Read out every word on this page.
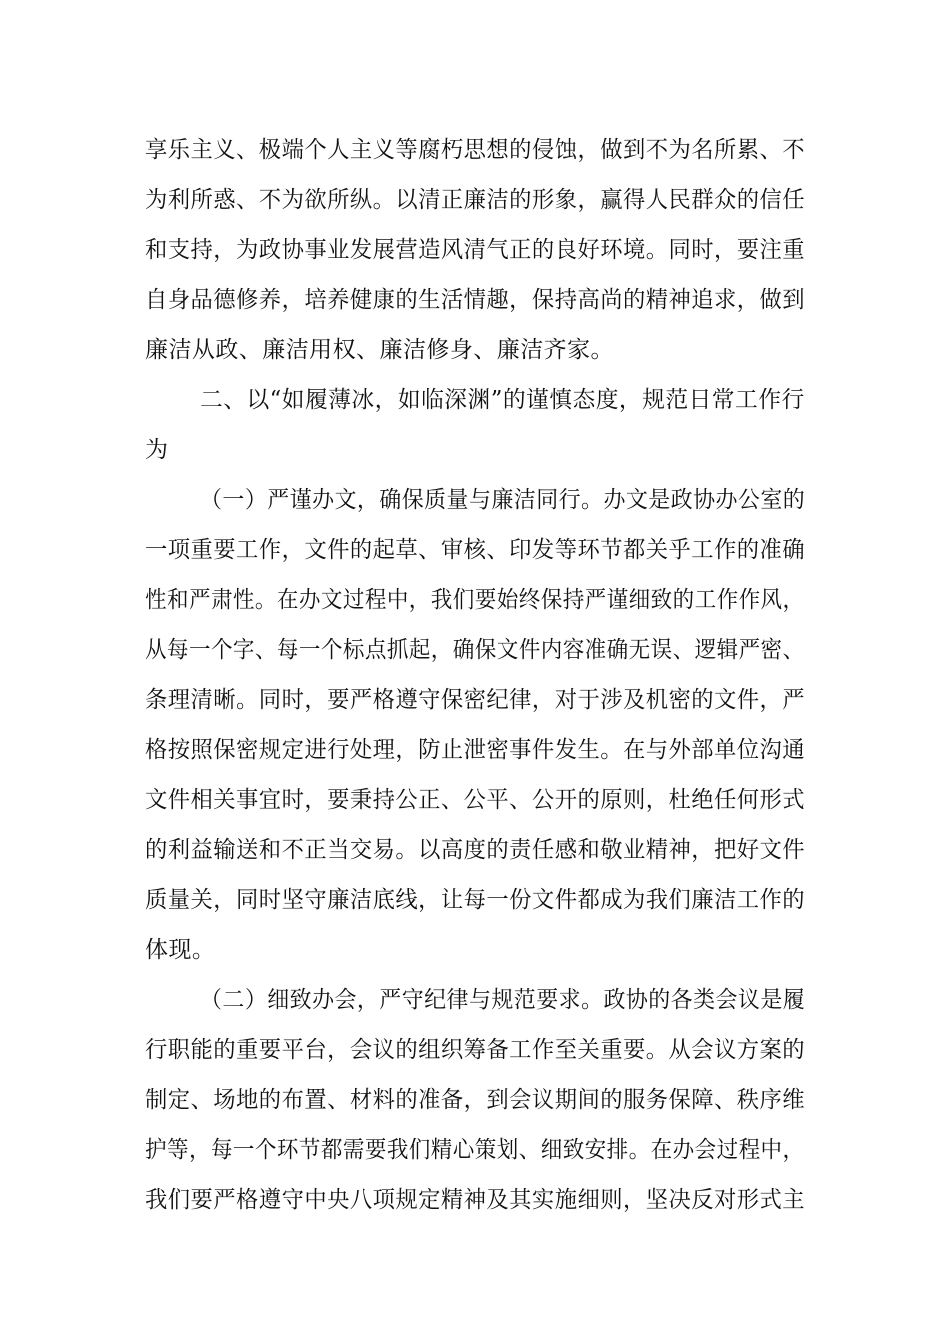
享乐主义、极端个人主义等腐朽思想的侵蚀，做到不为名所累、不

为利所惑、不为欲所纵。以清正廉洁的形象，赢得人民群众的信任

和支持，为政协事业发展营造风清气正的良好环境。同时，要注重

自身品德修养，培养健康的生活情趣，保持高尚的精神追求，做到

廉洁从政、廉洁用权、廉洁修身、廉洁齐家。

二、以“如履薄冰，如临深渊”的谨慎态度，规范日常工作行

为

（一）严谨办文，确保质量与廉洁同行。办文是政协办公室的

一项重要工作，文件的起草、审核、印发等环节都关乎工作的准确

性和严肃性。在办文过程中，我们要始终保持严谨细致的工作作风，

从每一个字、每一个标点抓起，确保文件内容准确无误、逻辑严密、

条理清晰。同时，要严格遵守保密纪律，对于涉及机密的文件，严

格按照保密规定进行处理，防止泄密事件发生。在与外部单位沟通

文件相关事宜时，要秉持公正、公平、公开的原则，杜绝任何形式

的利益输送和不正当交易。以高度的责任感和敬业精神，把好文件

质量关，同时坚守廉洁底线，让每一份文件都成为我们廉洁工作的

体现。

（二）细致办会，严守纪律与规范要求。政协的各类会议是履

行职能的重要平台，会议的组织筹备工作至关重要。从会议方案的

制定、场地的布置、材料的准备，到会议期间的服务保障、秩序维

护等，每一个环节都需要我们精心策划、细致安排。在办会过程中，

我们要严格遵守中央八项规定精神及其实施细则，坚决反对形式主
